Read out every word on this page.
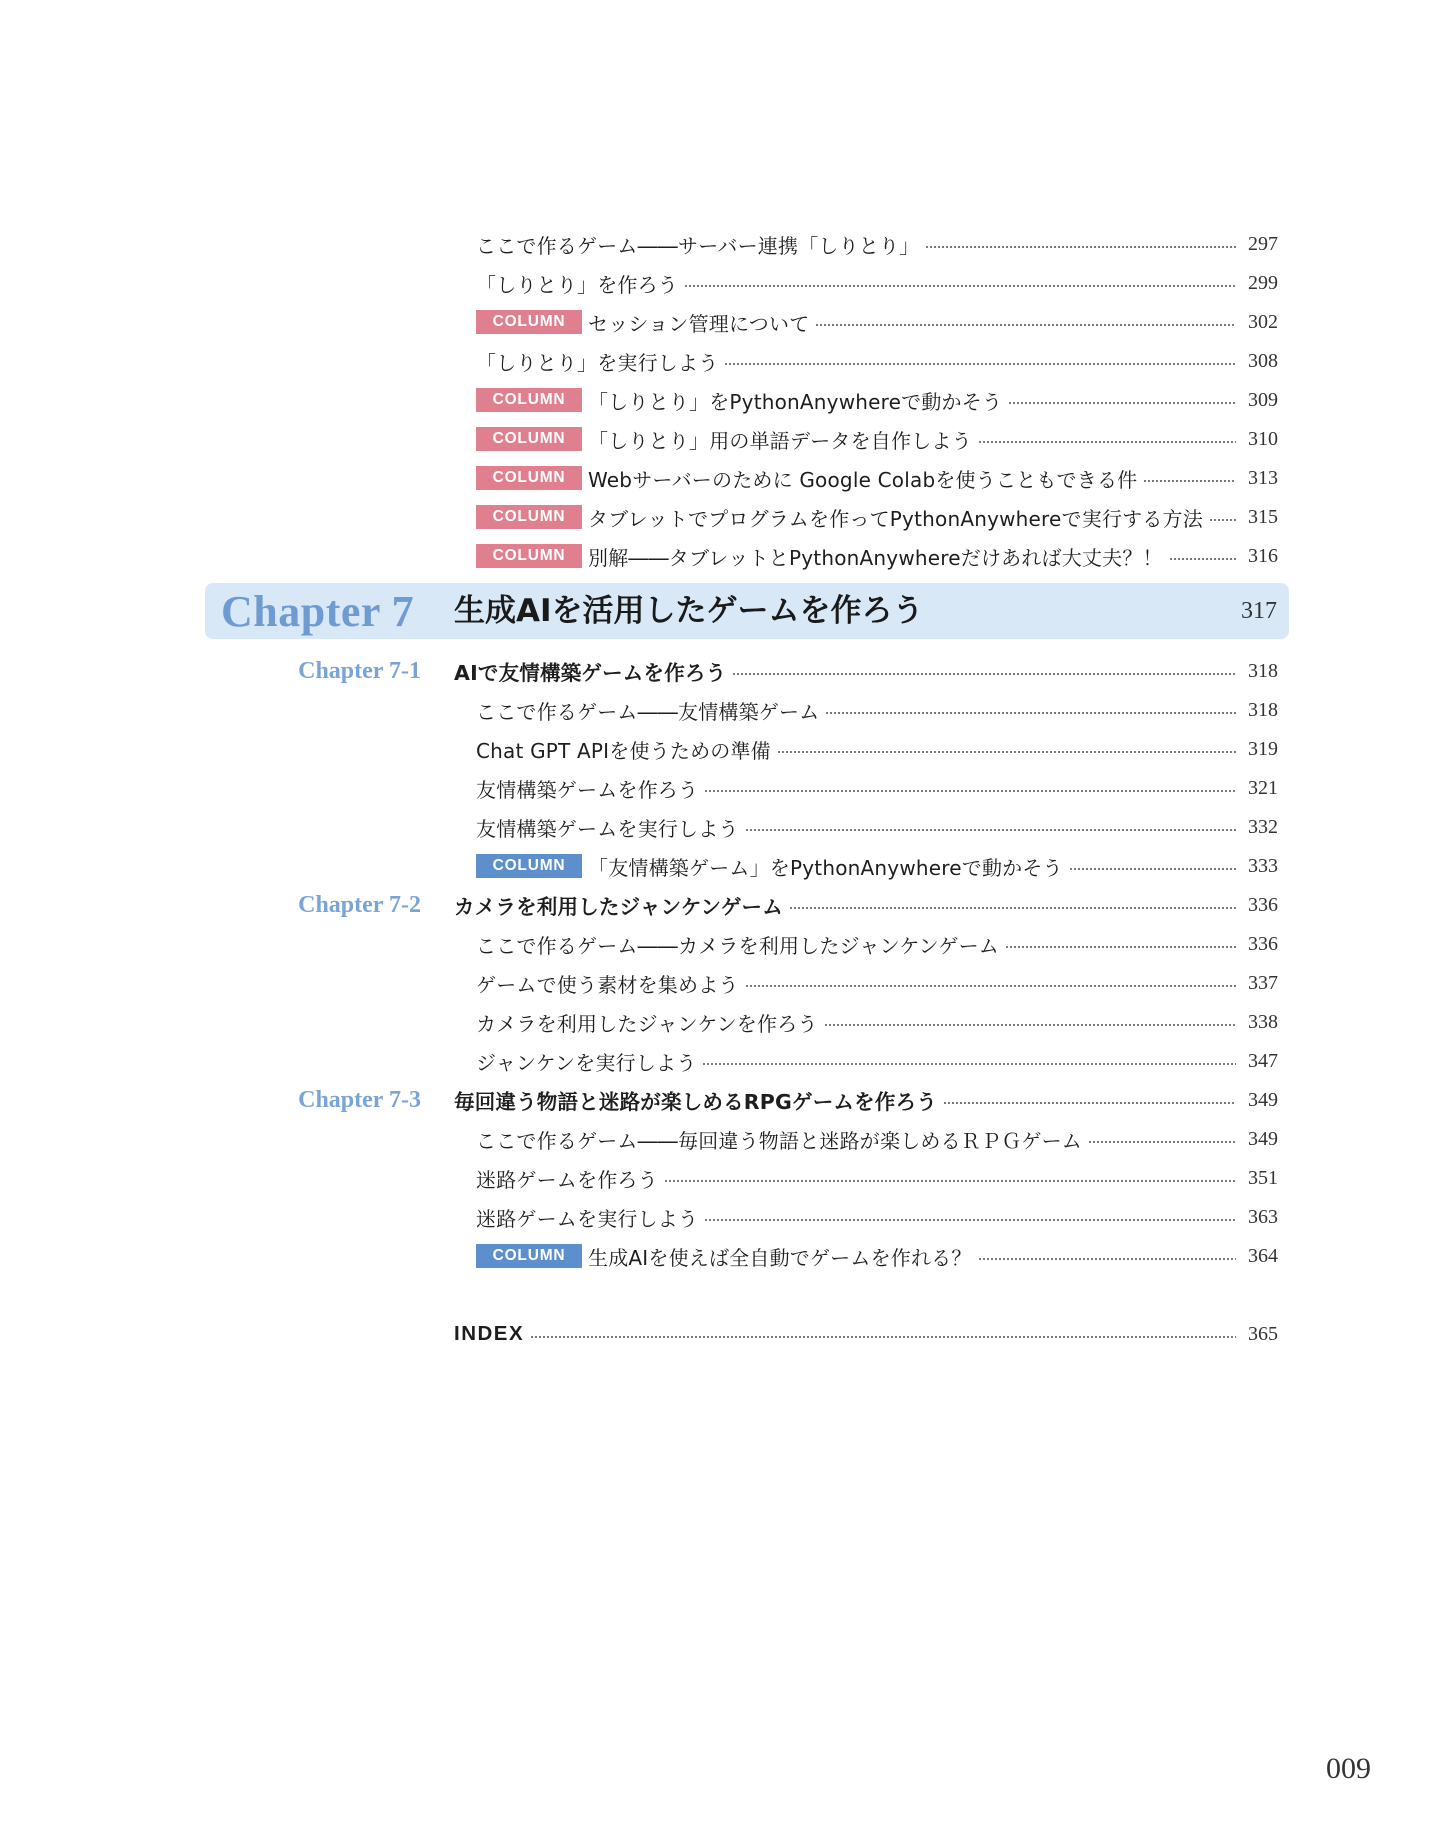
ここで作るゲーム――サーバー連携「しりとり」	297
「しりとり」を作ろう	299
COLUMN	セッション管理について	302
「しりとり」を実行しよう	308
COLUMN	「しりとり」をPythonAnywhereで動かそう	309
COLUMN	「しりとり」用の単語データを自作しよう	310
COLUMN	Webサーバーのために Google Colabを使うこともできる件	313
COLUMN	タブレットでプログラムを作ってPythonAnywhereで実行する方法	315
COLUMN	別解――タブレットとPythonAnywhereだけあれば大丈夫？！	316
Chapter 7 生成AIを活用したゲームを作ろう	317
Chapter 7-1 AIで友情構築ゲームを作ろう	318
ここで作るゲーム――友情構築ゲーム	318
Chat GPT APIを使うための準備	319
友情構築ゲームを作ろう	321
友情構築ゲームを実行しよう	332
COLUMN	「友情構築ゲーム」をPythonAnywhereで動かそう	333
Chapter 7-2 カメラを利用したジャンケンゲーム	336
ここで作るゲーム――カメラを利用したジャンケンゲーム	336
ゲームで使う素材を集めよう	337
カメラを利用したジャンケンを作ろう	338
ジャンケンを実行しよう	347
Chapter 7-3 毎回違う物語と迷路が楽しめるRPGゲームを作ろう	349
ここで作るゲーム――毎回違う物語と迷路が楽しめるＲＰＧゲーム	349
迷路ゲームを作ろう	351
迷路ゲームを実行しよう	363
COLUMN	生成AIを使えば全自動でゲームを作れる？	364
INDEX	365
009
